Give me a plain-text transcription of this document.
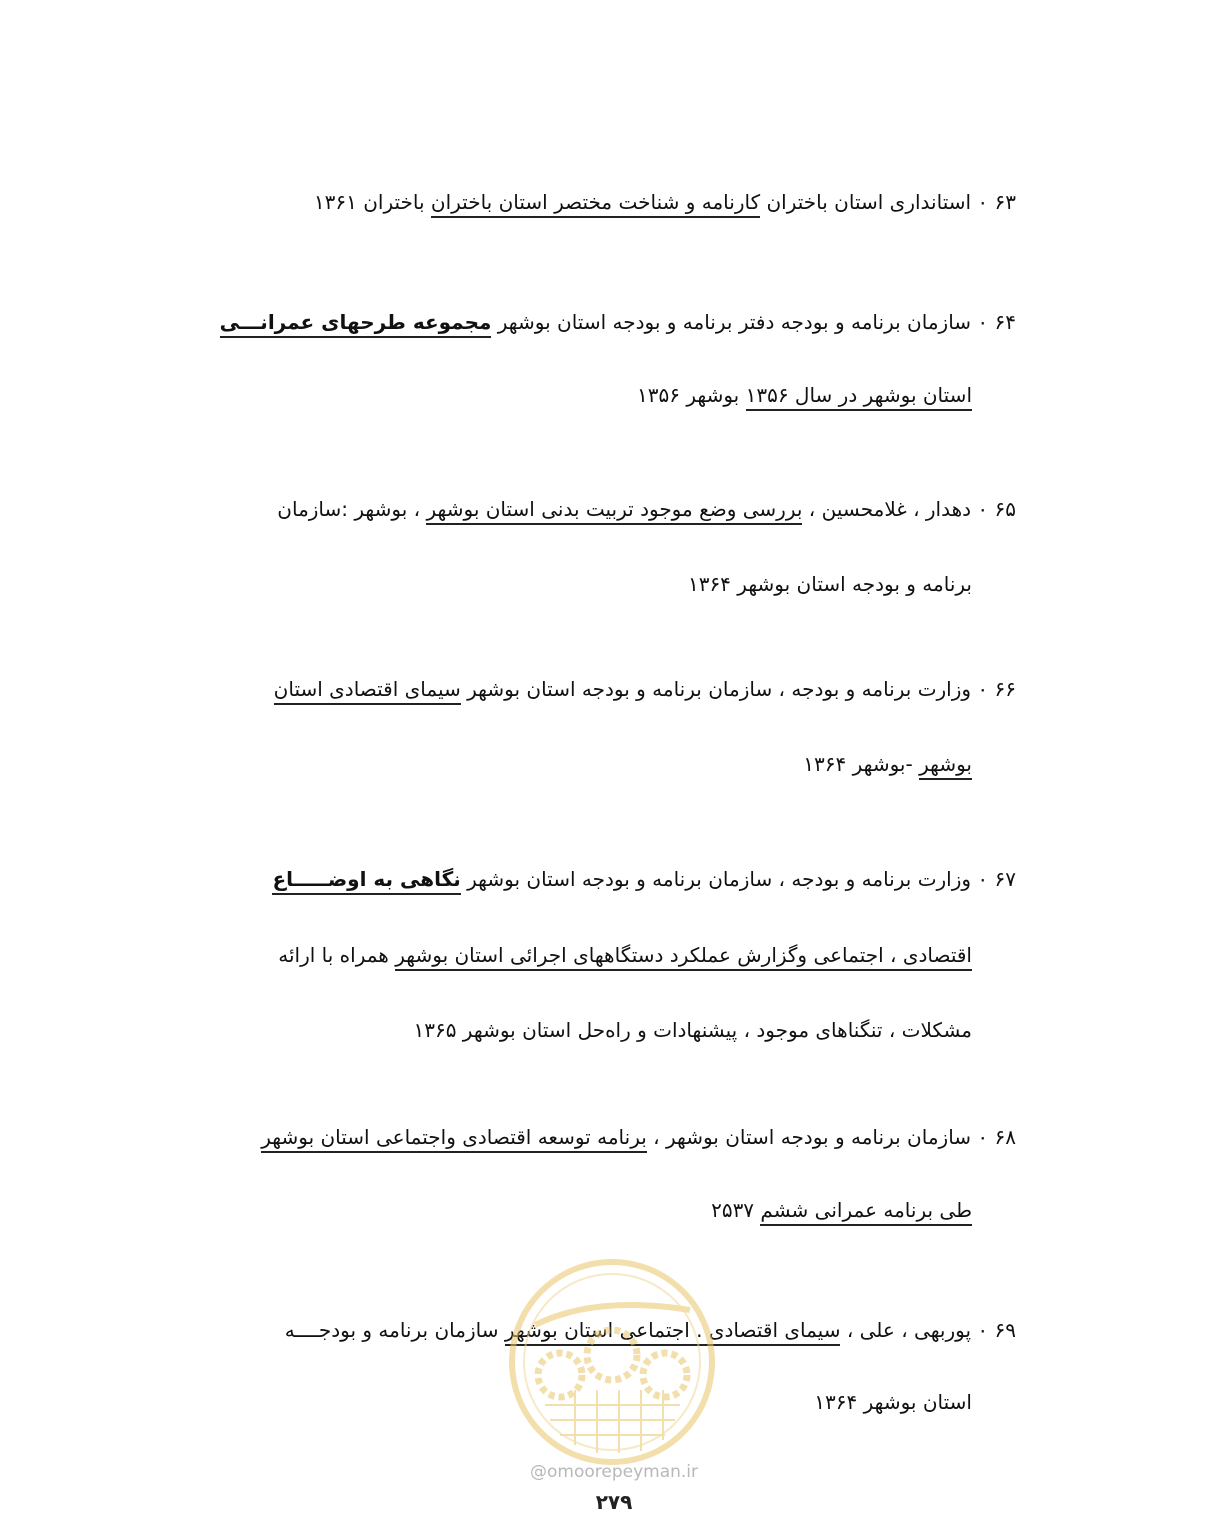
۶۳ ۰ استانداری استان باختران کارنامه و شناخت مختصر استان باختران باختران ۱۳۶۱
۶۴ ۰ سازمان برنامه و بودجه دفتر برنامه و بودجه استان بوشهر مجموعه طرحهای عمرانـــی
استان بوشهر در سال ۱۳۵۶ بوشهر ۱۳۵۶
۶۵ ۰ دهدار ، غلامحسین ، بررسی وضع موجود تربیت بدنی استان بوشهر ، بوشهر :سازمان
برنامه و بودجه استان بوشهر ۱۳۶۴
۶۶ ۰ وزارت برنامه و بودجه ، سازمان برنامه و بودجه استان بوشهر سیمای اقتصادی استان
بوشهر -بوشهر ۱۳۶۴
۶۷ ۰ وزارت برنامه و بودجه ، سازمان برنامه و بودجه استان بوشهر نگاهی به اوضـــــاع
اقتصادی ، اجتماعی وگزارش عملکرد دستگاههای اجرائی استان بوشهر همراه با ارائه
مشکلات ، تنگناهای موجود ، پیشنهادات و راه‌حل استان بوشهر ۱۳۶۵
۶۸ ۰ سازمان برنامه و بودجه استان بوشهر ، برنامه توسعه اقتصادی واجتماعی استان بوشهر
طی برنامه عمرانی ششم ۲۵۳۷
۶۹ ۰ پوربهی ، علی ، سیمای اقتصادی . اجتماعی استان بوشهر سازمان برنامه و بودجــــه
استان بوشهر ۱۳۶۴
@omoorepeyman.ir
۲۷۹
